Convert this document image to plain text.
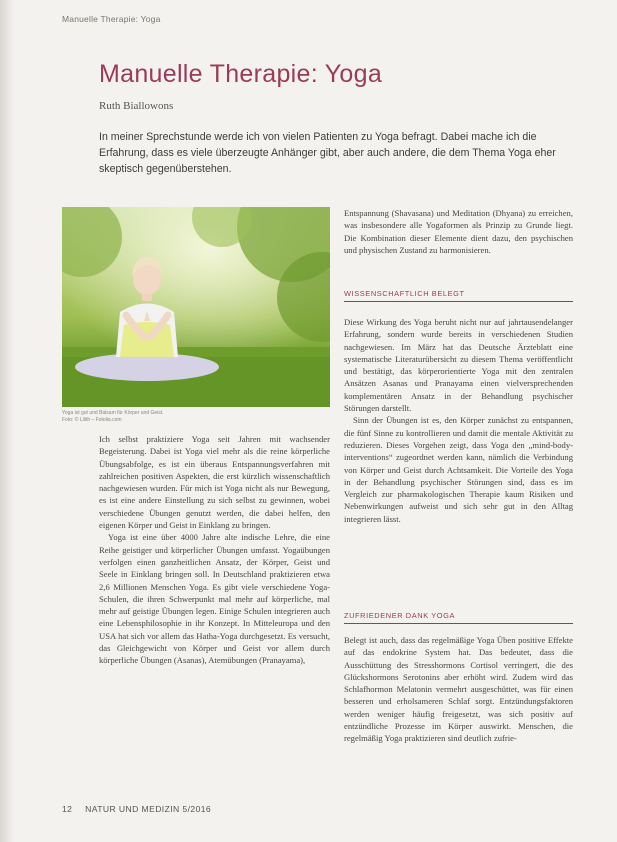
Manuelle Therapie: Yoga
Manuelle Therapie: Yoga
Ruth Biallowons

In meiner Sprechstunde werde ich von vielen Patienten zu Yoga befragt. Dabei mache ich die Erfahrung, dass es viele überzeugte Anhänger gibt, aber auch andere, die dem Thema Yoga eher skeptisch gegenüberstehen.

Yoga ist gut und Balsam für Körper und Geist.
Foto: © Lilith – Fotolia.com

Ich selbst praktiziere Yoga seit Jahren mit wachsender Begeisterung. Dabei ist Yoga viel mehr als die reine körperliche Übungsabfolge, es ist ein überaus Entspannungsverfahren mit zahlreichen positiven Aspekten, die erst kürzlich wissenschaftlich nachgewiesen wurden. Für mich ist Yoga nicht als nur Bewegung, es ist eine andere Einstellung zu sich selbst zu gewinnen, wobei verschiedene Übungen genutzt werden, die dabei helfen, den eigenen Körper und Geist in Einklang zu bringen.

Yoga ist eine über 4000 Jahre alte indische Lehre, die eine Reihe geistiger und körperlicher Übungen umfasst. Yogaübungen verfolgen einen ganzheitlichen Ansatz, der Körper, Geist und Seele in Einklang bringen soll. In Deutschland praktizieren etwa 2,6 Millionen Menschen Yoga. Es gibt viele verschiedene Yoga-Schulen, die ihren Schwerpunkt mal mehr auf körperliche, mal mehr auf geistige Übungen legen. Einige Schulen integrieren auch eine Lebensphilosophie in ihr Konzept. In Mitteleuropa und den USA hat sich vor allem das Hatha-Yoga durchgesetzt. Es versucht, das Gleichgewicht von Körper und Geist vor allem durch körperliche Übungen (Asanas), Atemübungen (Pranayama),

Entspannung (Shavasana) und Meditation (Dhyana) zu erreichen, was insbesondere alle Yogaformen als Prinzip zu Grunde liegt. Die Kombination dieser Elemente dient dazu, den psychischen und physischen Zustand zu harmonisieren.

WISSENSCHAFTLICH BELEGT

Diese Wirkung des Yoga beruht nicht nur auf jahrtausendelanger Erfahrung, sondern wurde bereits in verschiedenen Studien nachgewiesen. Im März hat das Deutsche Ärzteblatt eine systematische Literaturübersicht zu diesem Thema veröffentlicht und bestätigt, das körperorientierte Yoga mit den zentralen Ansätzen Asanas und Pranayama einen vielversprechenden komplementären Ansatz in der Behandlung psychischer Störungen darstellt.

Sinn der Übungen ist es, den Körper zunächst zu entspannen, die fünf Sinne zu kontrollieren und damit die mentale Aktivität zu reduzieren. Dieses Vorgehen zeigt, dass Yoga den „mind-body-interventions“ zugeordnet werden kann, nämlich die Verbindung von Körper und Geist durch Achtsamkeit. Die Vorteile des Yoga in der Behandlung psychischer Störungen sind, dass es im Vergleich zur pharmakologischen Therapie kaum Risiken und Nebenwirkungen aufweist und sich sehr gut in den Alltag integrieren lässt.

ZUFRIEDENER DANK YOGA

Belegt ist auch, dass das regelmäßige Yoga Üben positive Effekte auf das endokrine System hat. Das bedeutet, dass die Ausschüttung des Stresshormons Cortisol verringert, die des Glückshormons Serotonins aber erhöht wird. Zudem wird das Schlafhormon Melatonin vermehrt ausgeschüttet, was für einen besseren und erholsameren Schlaf sorgt. Entzündungsfaktoren werden weniger häufig freigesetzt, was sich positiv auf entzündliche Prozesse im Körper auswirkt. Menschen, die regelmäßig Yoga praktizieren sind deutlich zufrie-

12 NATUR UND MEDIZIN 5/2016
